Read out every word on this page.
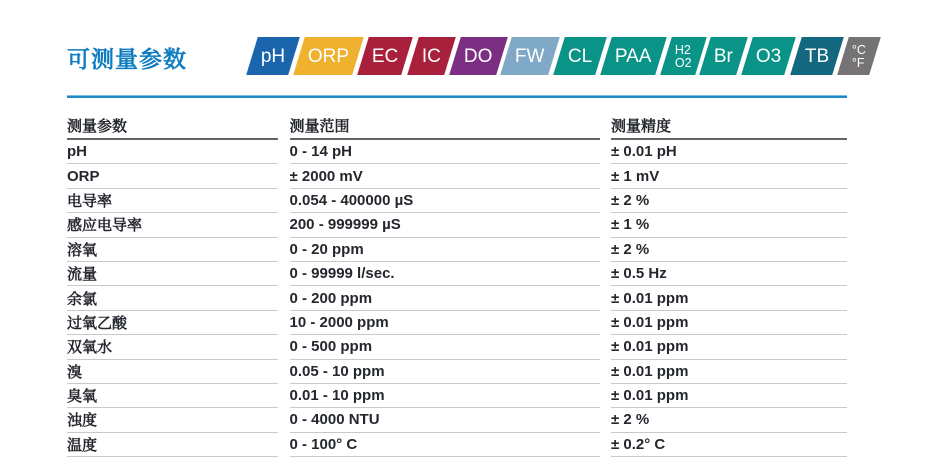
可测量参数	pH ORP EC IC DO FW CL PAA H2
O2 Br O3 TB °C
°F
测量参数	测量范围	测量精度
pH	0 - 14 pH	± 0.01 pH
ORP	± 2000 mV	± 1 mV
电导率	0.054 - 400000 µS	± 2 %
感应电导率	200 - 999999 µS	± 1 %
溶氧	0 - 20 ppm	± 2 %
流量	0 - 99999 l/sec.	± 0.5 Hz
余氯	0 - 200 ppm	± 0.01 ppm
过氧乙酸	10 - 2000 ppm	± 0.01 ppm
双氧水	0 - 500 ppm	± 0.01 ppm
溴	0.05 - 10 ppm	± 0.01 ppm
臭氧	0.01 - 10 ppm	± 0.01 ppm
浊度	0 - 4000 NTU	± 2 %
温度	0 - 100° C	± 0.2° C
